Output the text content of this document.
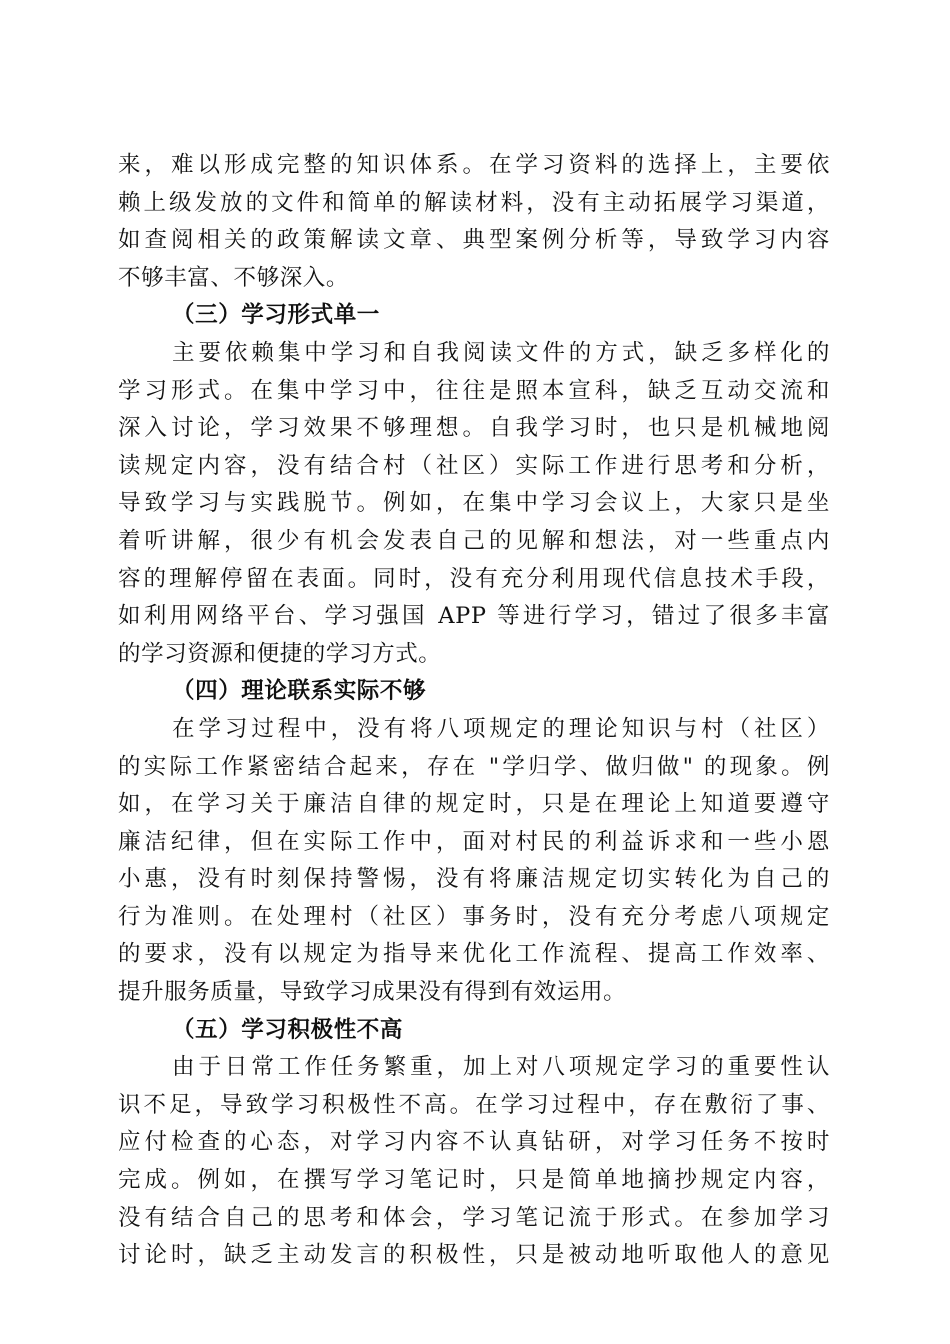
来，难以形成完整的知识体系。在学习资料的选择上，主要依
赖上级发放的文件和简单的解读材料，没有主动拓展学习渠道，
如查阅相关的政策解读文章、典型案例分析等，导致学习内容
不够丰富、不够深入。
（三）学习形式单一
主要依赖集中学习和自我阅读文件的方式，缺乏多样化的
学习形式。在集中学习中，往往是照本宣科，缺乏互动交流和
深入讨论，学习效果不够理想。自我学习时，也只是机械地阅
读规定内容，没有结合村（社区）实际工作进行思考和分析，
导致学习与实践脱节。例如，在集中学习会议上，大家只是坐
着听讲解，很少有机会发表自己的见解和想法，对一些重点内
容的理解停留在表面。同时，没有充分利用现代信息技术手段，
如利用网络平台、学习强国 APP 等进行学习，错过了很多丰富
的学习资源和便捷的学习方式。
（四）理论联系实际不够
在学习过程中，没有将八项规定的理论知识与村（社区）
的实际工作紧密结合起来，存在 "学归学、做归做" 的现象。例
如，在学习关于廉洁自律的规定时，只是在理论上知道要遵守
廉洁纪律，但在实际工作中，面对村民的利益诉求和一些小恩
小惠，没有时刻保持警惕，没有将廉洁规定切实转化为自己的
行为准则。在处理村（社区）事务时，没有充分考虑八项规定
的要求，没有以规定为指导来优化工作流程、提高工作效率、
提升服务质量，导致学习成果没有得到有效运用。
（五）学习积极性不高
由于日常工作任务繁重，加上对八项规定学习的重要性认
识不足，导致学习积极性不高。在学习过程中，存在敷衍了事、
应付检查的心态，对学习内容不认真钻研，对学习任务不按时
完成。例如，在撰写学习笔记时，只是简单地摘抄规定内容，
没有结合自己的思考和体会，学习笔记流于形式。在参加学习
讨论时，缺乏主动发言的积极性，只是被动地听取他人的意见
